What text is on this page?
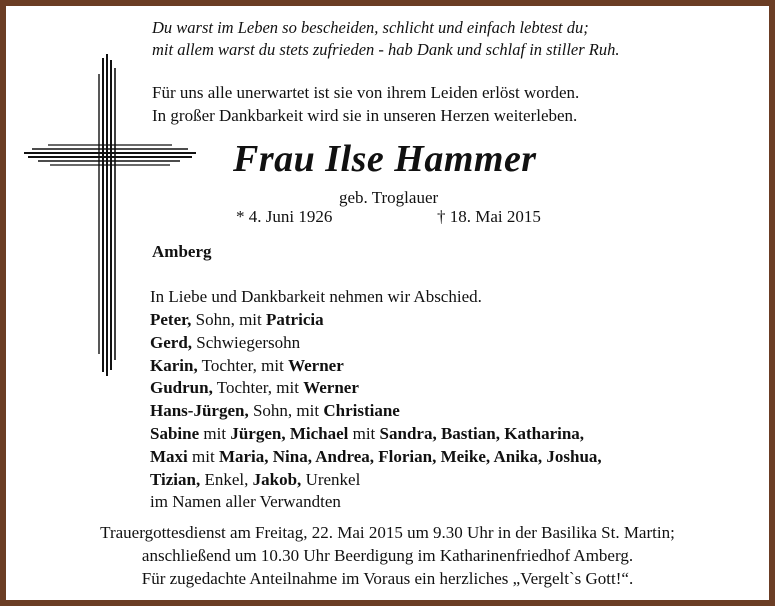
Du warst im Leben so bescheiden, schlicht und einfach lebtest du;
mit allem warst du stets zufrieden - hab Dank und schlaf in stiller Ruh.
Für uns alle unerwartet ist sie von ihrem Leiden erlöst worden.
In großer Dankbarkeit wird sie in unseren Herzen weiterleben.
Frau Ilse Hammer
geb. Troglauer
* 4. Juni 1926	† 18. Mai 2015
Amberg
In Liebe und Dankbarkeit nehmen wir Abschied.
Peter, Sohn, mit Patricia
Gerd, Schwiegersohn
Karin, Tochter, mit Werner
Gudrun, Tochter, mit Werner
Hans-Jürgen, Sohn, mit Christiane
Sabine mit Jürgen, Michael mit Sandra, Bastian, Katharina,
Maxi mit Maria, Nina, Andrea, Florian, Meike, Anika, Joshua,
Tizian, Enkel, Jakob, Urenkel
im Namen aller Verwandten
Trauergottesdienst am Freitag, 22. Mai 2015 um 9.30 Uhr in der Basilika St. Martin;
anschließend um 10.30 Uhr Beerdigung im Katharinenfriedhof Amberg.
Für zugedachte Anteilnahme im Voraus ein herzliches „Vergelt`s Gott!“.
